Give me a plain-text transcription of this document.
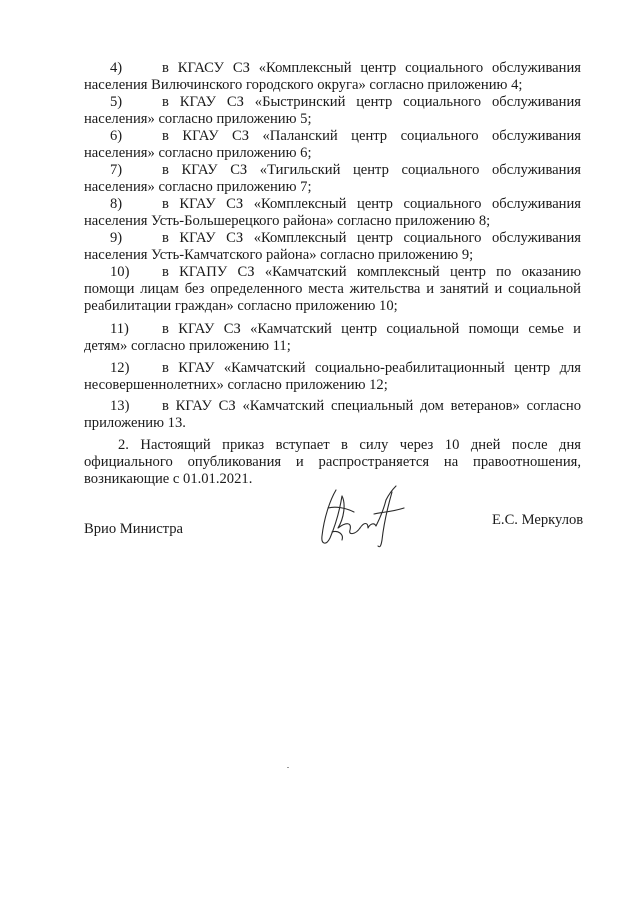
4)	в КГАСУ СЗ «Комплексный центр социального обслуживания
населения Вилючинского городского округа» согласно приложению 4;
5)	в КГАУ СЗ «Быстринский центр социального обслуживания
населения» согласно приложению 5;
6)	в КГАУ СЗ «Паланский центр социального обслуживания
населения» согласно приложению 6;
7)	в КГАУ СЗ «Тигильский центр социального обслуживания
населения» согласно приложению 7;
8)	в КГАУ СЗ «Комплексный центр социального обслуживания
населения Усть-Большерецкого района» согласно приложению 8;
9)	в КГАУ СЗ «Комплексный центр социального обслуживания
населения Усть-Камчатского района» согласно приложению 9;
10) в КГАПУ СЗ «Камчатский комплексный центр по оказанию
помощи лицам без определенного места жительства и занятий и социальной реабилитации граждан» согласно приложению 10;
11) в КГАУ СЗ «Камчатский центр социальной помощи семье и
детям» согласно приложению 11;
12) в КГАУ «Камчатский социально-реабилитационный центр для
несовершеннолетних» согласно приложению 12;
13) в КГАУ СЗ «Камчатский специальный дом ветеранов» согласно
приложению 13.
2. Настоящий приказ вступает в силу через 10 дней после дня
официального опубликования и распространяется на правоотношения,
возникающие с 01.01.2021.
Врио Министра
Е.С. Меркулов
